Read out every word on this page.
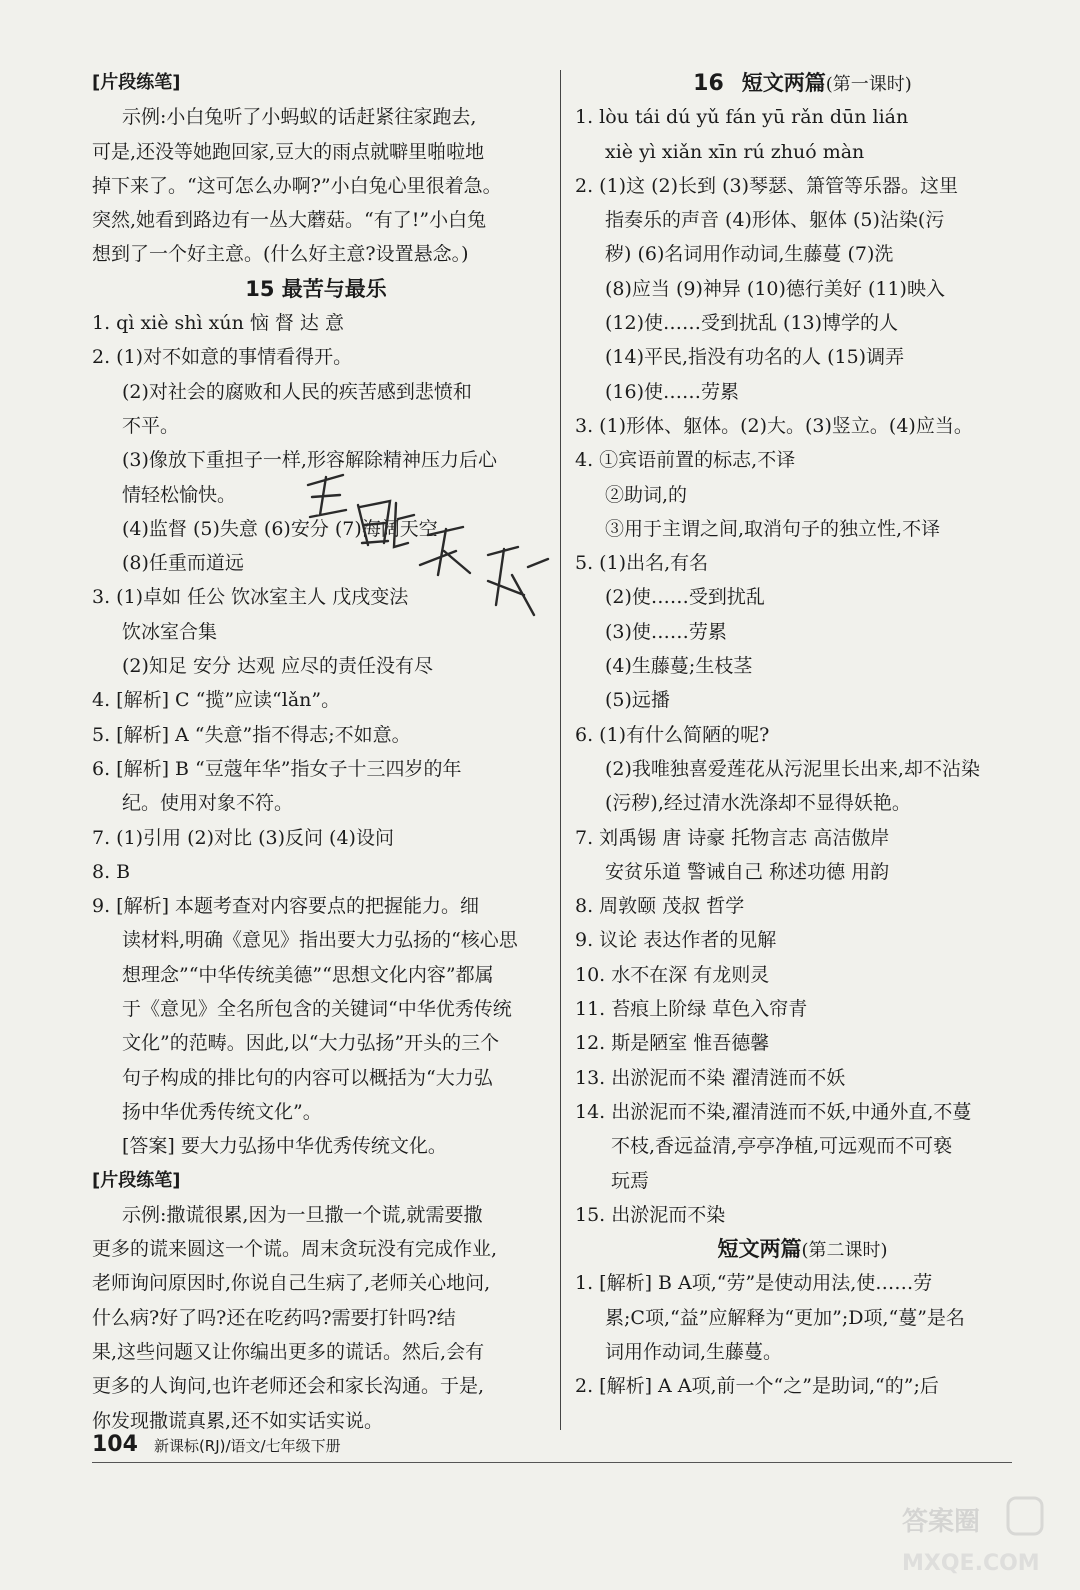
[片段练笔]
示例:小白兔听了小蚂蚁的话赶紧往家跑去,
可是,还没等她跑回家,豆大的雨点就噼里啪啦地
掉下来了。“这可怎么办啊?”小白兔心里很着急。
突然,她看到路边有一丛大蘑菇。“有了!”小白兔
想到了一个好主意。(什么好主意?设置悬念。)
15 最苦与最乐
1. qì xiè shì xún 恼 督 达 意
2. (1)对不如意的事情看得开。
(2)对社会的腐败和人民的疾苦感到悲愤和
不平。
(3)像放下重担子一样,形容解除精神压力后心
情轻松愉快。
(4)监督 (5)失意 (6)安分 (7)海阔天空
(8)任重而道远
3. (1)卓如 任公 饮冰室主人 戊戌变法
饮冰室合集
(2)知足 安分 达观 应尽的责任没有尽
4. [解析] C “揽”应读“lǎn”。
5. [解析] A “失意”指不得志;不如意。
6. [解析] B “豆蔻年华”指女子十三四岁的年
纪。使用对象不符。
7. (1)引用 (2)对比 (3)反问 (4)设问
8. B
9. [解析] 本题考查对内容要点的把握能力。细
读材料,明确《意见》指出要大力弘扬的“核心思
想理念”“中华传统美德”“思想文化内容”都属
于《意见》全名所包含的关键词“中华优秀传统
文化”的范畴。因此,以“大力弘扬”开头的三个
句子构成的排比句的内容可以概括为“大力弘
扬中华优秀传统文化”。
[答案] 要大力弘扬中华优秀传统文化。
[片段练笔]
示例:撒谎很累,因为一旦撒一个谎,就需要撒
更多的谎来圆这一个谎。周末贪玩没有完成作业,
老师询问原因时,你说自己生病了,老师关心地问,
什么病?好了吗?还在吃药吗?需要打针吗?结
果,这些问题又让你编出更多的谎话。然后,会有
更多的人询问,也许老师还会和家长沟通。于是,
你发现撒谎真累,还不如实话实说。
16 短文两篇(第一课时)
1. lòu tái dú yǔ fán yū rǎn dūn lián
xiè yì xiǎn xīn rú zhuó màn
2. (1)这 (2)长到 (3)琴瑟、箫管等乐器。这里
指奏乐的声音 (4)形体、躯体 (5)沾染(污
秽) (6)名词用作动词,生藤蔓 (7)洗
(8)应当 (9)神异 (10)德行美好 (11)映入
(12)使……受到扰乱 (13)博学的人
(14)平民,指没有功名的人 (15)调弄
(16)使……劳累
3. (1)形体、躯体。(2)大。(3)竖立。(4)应当。
4. ①宾语前置的标志,不译
②助词,的
③用于主谓之间,取消句子的独立性,不译
5. (1)出名,有名
(2)使……受到扰乱
(3)使……劳累
(4)生藤蔓;生枝茎
(5)远播
6. (1)有什么简陋的呢?
(2)我唯独喜爱莲花从污泥里长出来,却不沾染
(污秽),经过清水洗涤却不显得妖艳。
7. 刘禹锡 唐 诗豪 托物言志 高洁傲岸
安贫乐道 警诫自己 称述功德 用韵
8. 周敦颐 茂叔 哲学
9. 议论 表达作者的见解
10. 水不在深 有龙则灵
11. 苔痕上阶绿 草色入帘青
12. 斯是陋室 惟吾德馨
13. 出淤泥而不染 濯清涟而不妖
14. 出淤泥而不染,濯清涟而不妖,中通外直,不蔓
不枝,香远益清,亭亭净植,可远观而不可亵
玩焉
15. 出淤泥而不染
短文两篇(第二课时)
1. [解析] B A项,“劳”是使动用法,使……劳
累;C项,“益”应解释为“更加”;D项,“蔓”是名
词用作动词,生藤蔓。
2. [解析] A A项,前一个“之”是助词,“的”;后
104 新课标(RJ)/语文/七年级下册
答案圈
MXQE.COM
